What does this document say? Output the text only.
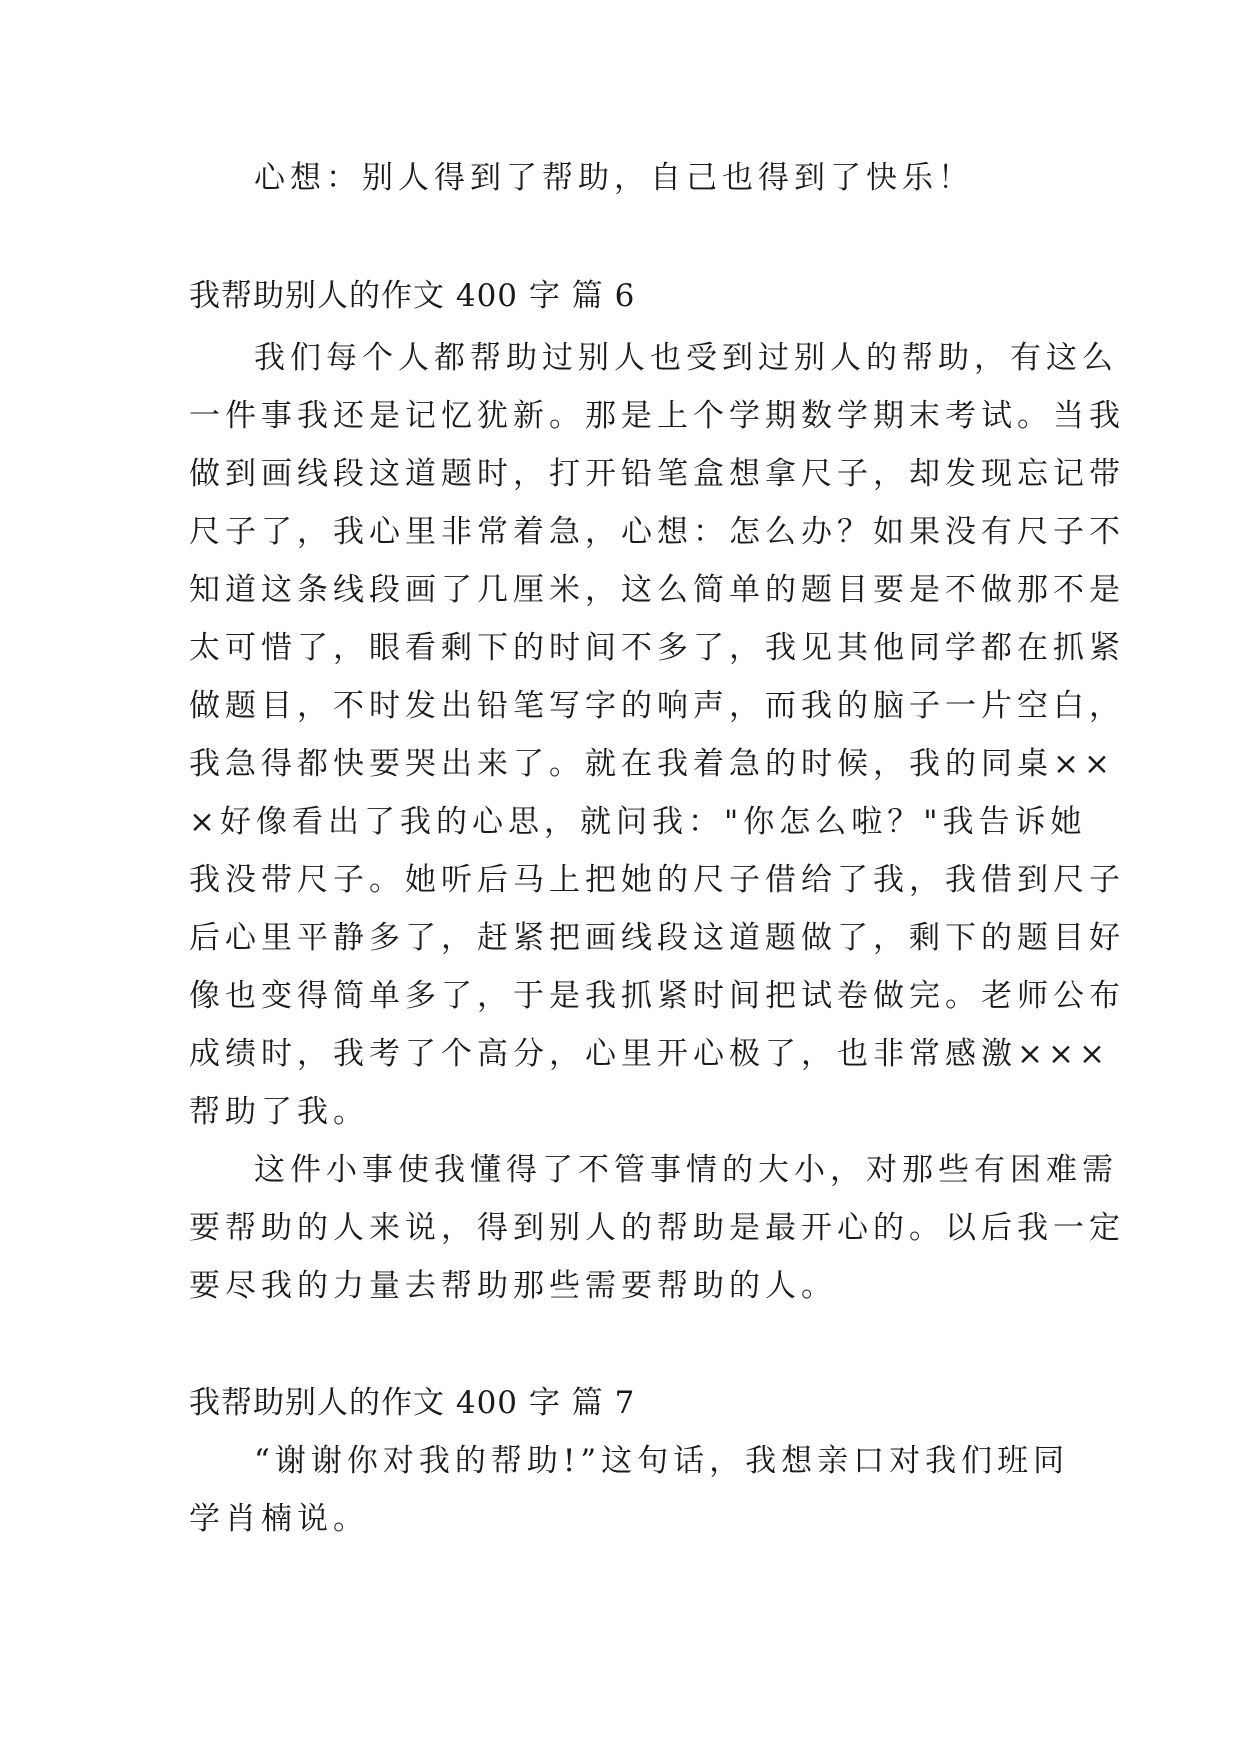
心想：别人得到了帮助，自己也得到了快乐！
我帮助别人的作文 400 字 篇 6
我们每个人都帮助过别人也受到过别人的帮助，有这么
一件事我还是记忆犹新。那是上个学期数学期末考试。当我
做到画线段这道题时，打开铅笔盒想拿尺子，却发现忘记带
尺子了，我心里非常着急，心想：怎么办？如果没有尺子不
知道这条线段画了几厘米，这么简单的题目要是不做那不是
太可惜了，眼看剩下的时间不多了，我见其他同学都在抓紧
做题目，不时发出铅笔写字的响声，而我的脑子一片空白，
我急得都快要哭出来了。就在我着急的时候，我的同桌××
×好像看出了我的心思，就问我："你怎么啦？"我告诉她
我没带尺子。她听后马上把她的尺子借给了我，我借到尺子
后心里平静多了，赶紧把画线段这道题做了，剩下的题目好
像也变得简单多了，于是我抓紧时间把试卷做完。老师公布
成绩时，我考了个高分，心里开心极了，也非常感激×××
帮助了我。
这件小事使我懂得了不管事情的大小，对那些有困难需
要帮助的人来说，得到别人的帮助是最开心的。以后我一定
要尽我的力量去帮助那些需要帮助的人。
我帮助别人的作文 400 字 篇 7
“谢谢你对我的帮助!”这句话，我想亲口对我们班同
学肖楠说。
